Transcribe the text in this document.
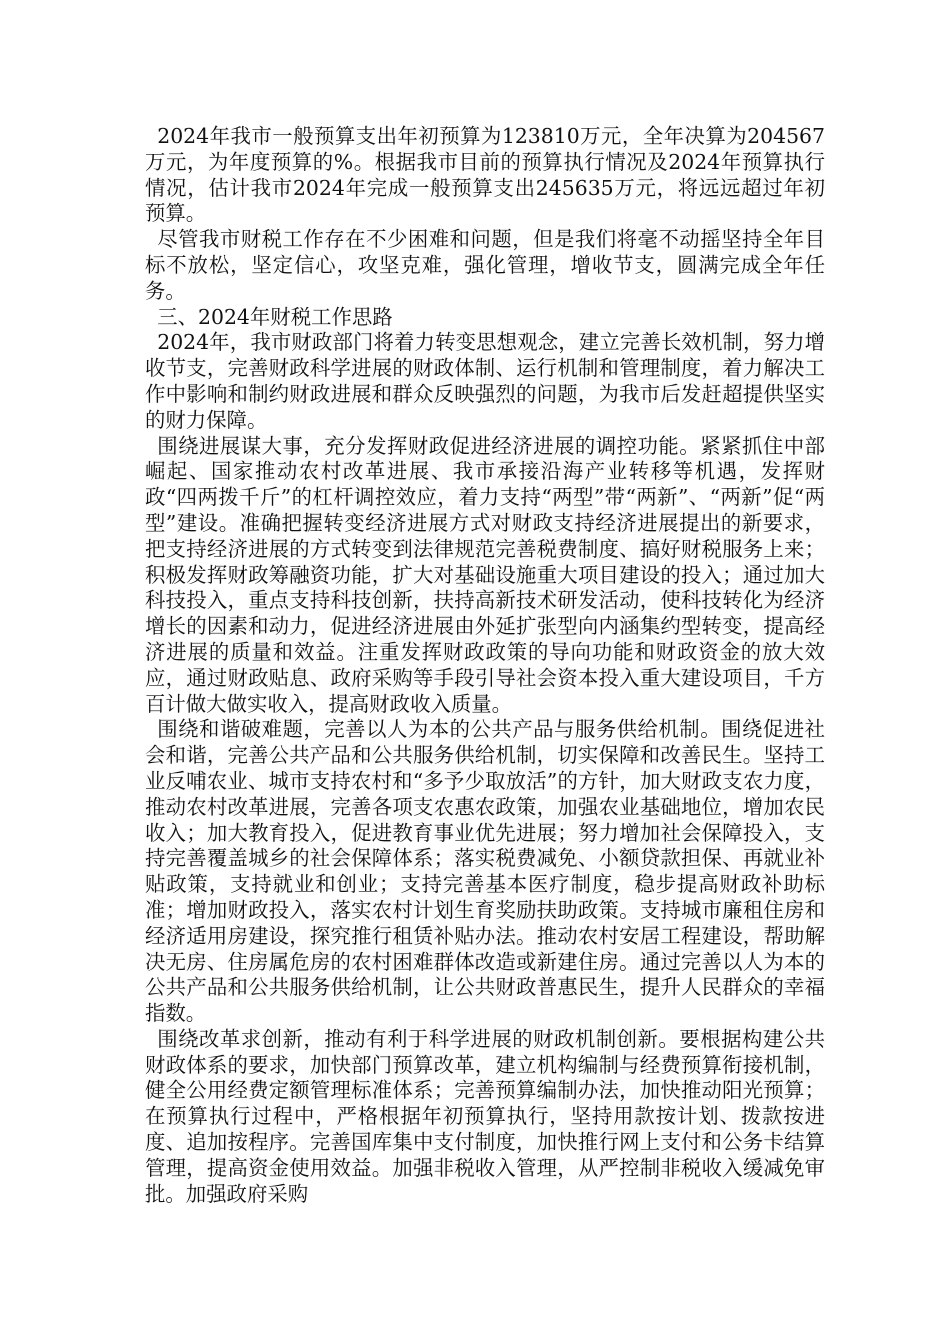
2024年我市一般预算支出年初预算为123810万元，全年决算为204567万元，为年度预算的%。根据我市目前的预算执行情况及2024年预算执行情况，估计我市2024年完成一般预算支出245635万元，将远远超过年初预算。

尽管我市财税工作存在不少困难和问题，但是我们将毫不动摇坚持全年目标不放松，坚定信心，攻坚克难，强化管理，增收节支，圆满完成全年任务。

三、2024年财税工作思路

2024年，我市财政部门将着力转变思想观念，建立完善长效机制，努力增收节支，完善财政科学进展的财政体制、运行机制和管理制度，着力解决工作中影响和制约财政进展和群众反映强烈的问题，为我市后发赶超提供坚实的财力保障。

围绕进展谋大事，充分发挥财政促进经济进展的调控功能。紧紧抓住中部崛起、国家推动农村改革进展、我市承接沿海产业转移等机遇，发挥财政“四两拨千斤”的杠杆调控效应，着力支持“两型”带“两新”、“两新”促“两型”建设。准确把握转变经济进展方式对财政支持经济进展提出的新要求，把支持经济进展的方式转变到法律规范完善税费制度、搞好财税服务上来；积极发挥财政筹融资功能，扩大对基础设施重大项目建设的投入；通过加大科技投入，重点支持科技创新，扶持高新技术研发活动，使科技转化为经济增长的因素和动力，促进经济进展由外延扩张型向内涵集约型转变，提高经济进展的质量和效益。注重发挥财政政策的导向功能和财政资金的放大效应，通过财政贴息、政府采购等手段引导社会资本投入重大建设项目，千方百计做大做实收入，提高财政收入质量。

围绕和谐破难题，完善以人为本的公共产品与服务供给机制。围绕促进社会和谐，完善公共产品和公共服务供给机制，切实保障和改善民生。坚持工业反哺农业、城市支持农村和“多予少取放活”的方针，加大财政支农力度，推动农村改革进展，完善各项支农惠农政策，加强农业基础地位，增加农民收入；加大教育投入，促进教育事业优先进展；努力增加社会保障投入，支持完善覆盖城乡的社会保障体系；落实税费减免、小额贷款担保、再就业补贴政策，支持就业和创业；支持完善基本医疗制度，稳步提高财政补助标准；增加财政投入，落实农村计划生育奖励扶助政策。支持城市廉租住房和经济适用房建设，探究推行租赁补贴办法。推动农村安居工程建设，帮助解决无房、住房属危房的农村困难群体改造或新建住房。通过完善以人为本的公共产品和公共服务供给机制，让公共财政普惠民生，提升人民群众的幸福指数。

围绕改革求创新，推动有利于科学进展的财政机制创新。要根据构建公共财政体系的要求，加快部门预算改革，建立机构编制与经费预算衔接机制，健全公用经费定额管理标准体系；完善预算编制办法，加快推动阳光预算；在预算执行过程中，严格根据年初预算执行，坚持用款按计划、拨款按进度、追加按程序。完善国库集中支付制度，加快推行网上支付和公务卡结算管理，提高资金使用效益。加强非税收入管理，从严控制非税收入缓减免审批。加强政府采购
